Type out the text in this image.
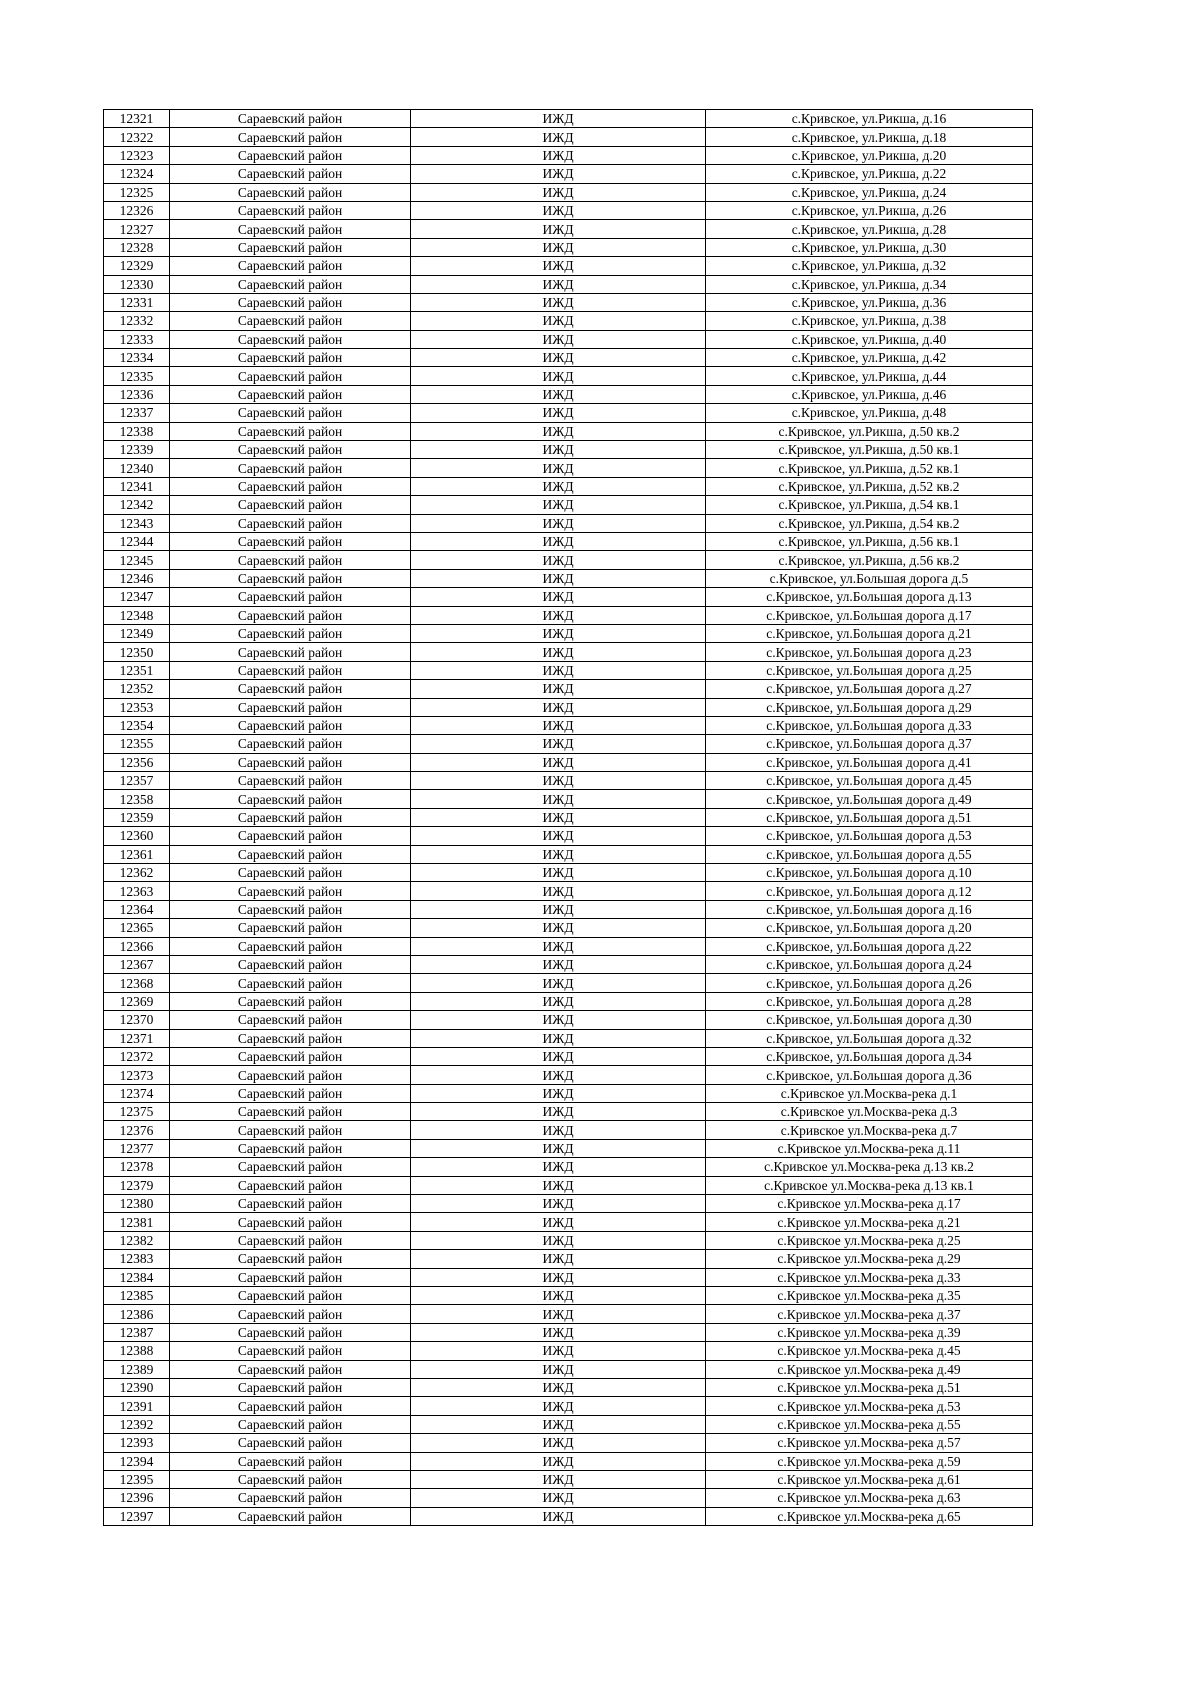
12321	Сараевский район	ИЖД	с.Кривское, ул.Рикша, д.16
12322	Сараевский район	ИЖД	с.Кривское, ул.Рикша, д.18
12323	Сараевский район	ИЖД	с.Кривское, ул.Рикша, д.20
12324	Сараевский район	ИЖД	с.Кривское, ул.Рикша, д.22
12325	Сараевский район	ИЖД	с.Кривское, ул.Рикша, д.24
12326	Сараевский район	ИЖД	с.Кривское, ул.Рикша, д.26
12327	Сараевский район	ИЖД	с.Кривское, ул.Рикша, д.28
12328	Сараевский район	ИЖД	с.Кривское, ул.Рикша, д.30
12329	Сараевский район	ИЖД	с.Кривское, ул.Рикша, д.32
12330	Сараевский район	ИЖД	с.Кривское, ул.Рикша, д.34
12331	Сараевский район	ИЖД	с.Кривское, ул.Рикша, д.36
12332	Сараевский район	ИЖД	с.Кривское, ул.Рикша, д.38
12333	Сараевский район	ИЖД	с.Кривское, ул.Рикша, д.40
12334	Сараевский район	ИЖД	с.Кривское, ул.Рикша, д.42
12335	Сараевский район	ИЖД	с.Кривское, ул.Рикша, д.44
12336	Сараевский район	ИЖД	с.Кривское, ул.Рикша, д.46
12337	Сараевский район	ИЖД	с.Кривское, ул.Рикша, д.48
12338	Сараевский район	ИЖД	с.Кривское, ул.Рикша, д.50 кв.2
12339	Сараевский район	ИЖД	с.Кривское, ул.Рикша, д.50 кв.1
12340	Сараевский район	ИЖД	с.Кривское, ул.Рикша, д.52 кв.1
12341	Сараевский район	ИЖД	с.Кривское, ул.Рикша, д.52 кв.2
12342	Сараевский район	ИЖД	с.Кривское, ул.Рикша, д.54 кв.1
12343	Сараевский район	ИЖД	с.Кривское, ул.Рикша, д.54 кв.2
12344	Сараевский район	ИЖД	с.Кривское, ул.Рикша, д.56 кв.1
12345	Сараевский район	ИЖД	с.Кривское, ул.Рикша, д.56 кв.2
12346	Сараевский район	ИЖД	с.Кривское, ул.Большая дорога д.5
12347	Сараевский район	ИЖД	с.Кривское, ул.Большая дорога д.13
12348	Сараевский район	ИЖД	с.Кривское, ул.Большая дорога д.17
12349	Сараевский район	ИЖД	с.Кривское, ул.Большая дорога д.21
12350	Сараевский район	ИЖД	с.Кривское, ул.Большая дорога д.23
12351	Сараевский район	ИЖД	с.Кривское, ул.Большая дорога д.25
12352	Сараевский район	ИЖД	с.Кривское, ул.Большая дорога д.27
12353	Сараевский район	ИЖД	с.Кривское, ул.Большая дорога д.29
12354	Сараевский район	ИЖД	с.Кривское, ул.Большая дорога д.33
12355	Сараевский район	ИЖД	с.Кривское, ул.Большая дорога д.37
12356	Сараевский район	ИЖД	с.Кривское, ул.Большая дорога д.41
12357	Сараевский район	ИЖД	с.Кривское, ул.Большая дорога д.45
12358	Сараевский район	ИЖД	с.Кривское, ул.Большая дорога д.49
12359	Сараевский район	ИЖД	с.Кривское, ул.Большая дорога д.51
12360	Сараевский район	ИЖД	с.Кривское, ул.Большая дорога д.53
12361	Сараевский район	ИЖД	с.Кривское, ул.Большая дорога д.55
12362	Сараевский район	ИЖД	с.Кривское, ул.Большая дорога д.10
12363	Сараевский район	ИЖД	с.Кривское, ул.Большая дорога д.12
12364	Сараевский район	ИЖД	с.Кривское, ул.Большая дорога д.16
12365	Сараевский район	ИЖД	с.Кривское, ул.Большая дорога д.20
12366	Сараевский район	ИЖД	с.Кривское, ул.Большая дорога д.22
12367	Сараевский район	ИЖД	с.Кривское, ул.Большая дорога д.24
12368	Сараевский район	ИЖД	с.Кривское, ул.Большая дорога д.26
12369	Сараевский район	ИЖД	с.Кривское, ул.Большая дорога д.28
12370	Сараевский район	ИЖД	с.Кривское, ул.Большая дорога д.30
12371	Сараевский район	ИЖД	с.Кривское, ул.Большая дорога д.32
12372	Сараевский район	ИЖД	с.Кривское, ул.Большая дорога д.34
12373	Сараевский район	ИЖД	с.Кривское, ул.Большая дорога д.36
12374	Сараевский район	ИЖД	с.Кривское ул.Москва-река д.1
12375	Сараевский район	ИЖД	с.Кривское ул.Москва-река д.3
12376	Сараевский район	ИЖД	с.Кривское ул.Москва-река д.7
12377	Сараевский район	ИЖД	с.Кривское ул.Москва-река д.11
12378	Сараевский район	ИЖД	с.Кривское ул.Москва-река д.13 кв.2
12379	Сараевский район	ИЖД	с.Кривское ул.Москва-река д.13 кв.1
12380	Сараевский район	ИЖД	с.Кривское ул.Москва-река д.17
12381	Сараевский район	ИЖД	с.Кривское ул.Москва-река д.21
12382	Сараевский район	ИЖД	с.Кривское ул.Москва-река д.25
12383	Сараевский район	ИЖД	с.Кривское ул.Москва-река д.29
12384	Сараевский район	ИЖД	с.Кривское ул.Москва-река д.33
12385	Сараевский район	ИЖД	с.Кривское ул.Москва-река д.35
12386	Сараевский район	ИЖД	с.Кривское ул.Москва-река д.37
12387	Сараевский район	ИЖД	с.Кривское ул.Москва-река д.39
12388	Сараевский район	ИЖД	с.Кривское ул.Москва-река д.45
12389	Сараевский район	ИЖД	с.Кривское ул.Москва-река д.49
12390	Сараевский район	ИЖД	с.Кривское ул.Москва-река д.51
12391	Сараевский район	ИЖД	с.Кривское ул.Москва-река д.53
12392	Сараевский район	ИЖД	с.Кривское ул.Москва-река д.55
12393	Сараевский район	ИЖД	с.Кривское ул.Москва-река д.57
12394	Сараевский район	ИЖД	с.Кривское ул.Москва-река д.59
12395	Сараевский район	ИЖД	с.Кривское ул.Москва-река д.61
12396	Сараевский район	ИЖД	с.Кривское ул.Москва-река д.63
12397	Сараевский район	ИЖД	с.Кривское ул.Москва-река д.65
